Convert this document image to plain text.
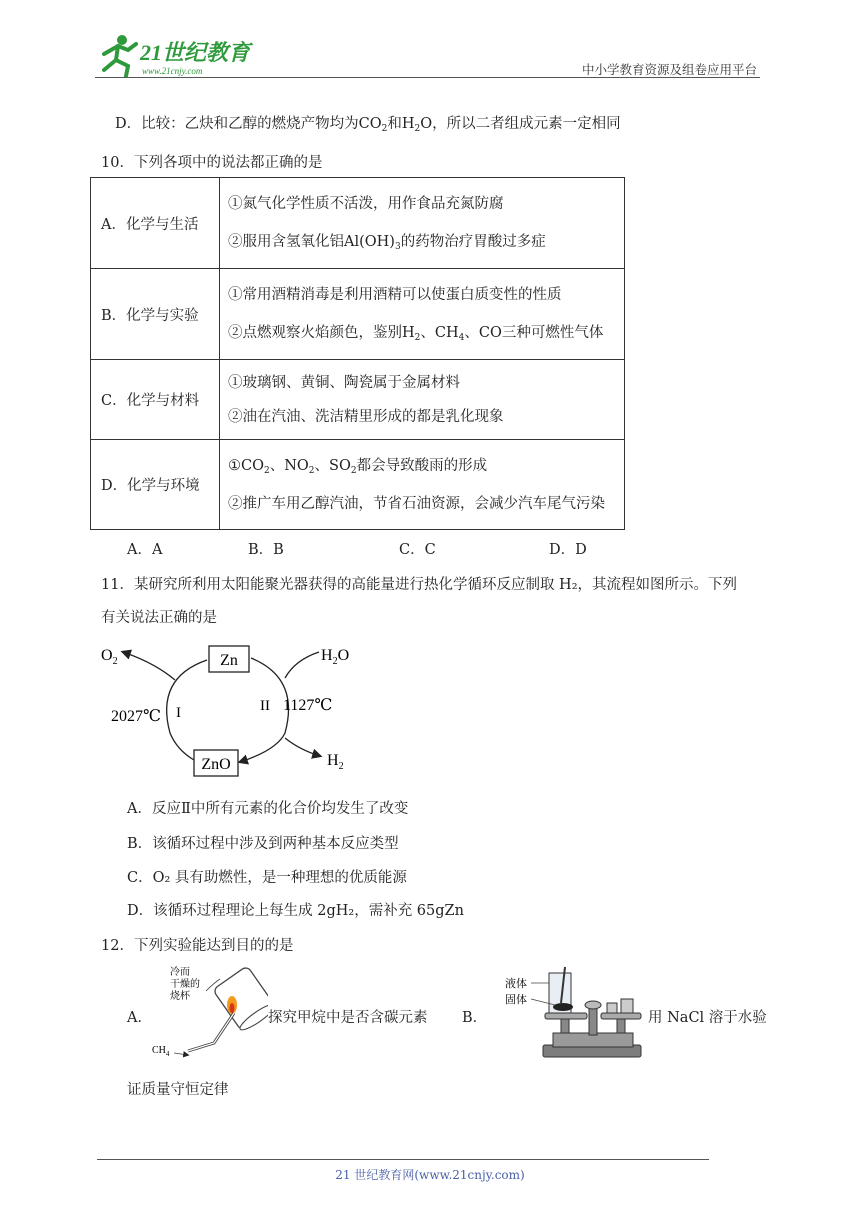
21世纪教育
www.21cnjy.com	中小学教育资源及组卷应用平台
D．比较：乙炔和乙醇的燃烧产物均为$CO_2$和$H_2O$，所以二者组成元素一定相同
10．下列各项中的说法都正确的是
A．化学与生活	①氮气化学性质不活泼，用作食品充氮防腐
②服用含氢氧化铝$Al(OH)_3$的药物治疗胃酸过多症

B．化学与实验	①常用酒精消毒是利用酒精可以使蛋白质变性的性质
②点燃观察火焰颜色，鉴别$H_2$、$CH_4$、CO三种可燃性气体

C．化学与材料	①玻璃钢、黄铜、陶瓷属于金属材料
②油在汽油、洗洁精里形成的都是乳化现象

D．化学与环境	$①CO_2$、$NO_2$、$SO_2$都会导致酸雨的形成
②推广车用乙醇汽油，节省石油资源，会减少汽车尾气污染
A．A	B．B	C．C	D．D
11．某研究所利用太阳能聚光器获得的高能量进行热化学循环反应制取 H₂，其流程如图所示。下列
有关说法正确的是
Zn
ZnO
$O_2$	$H_2O$
$H_2$
2027℃ I	II 1127℃
A．反应Ⅱ中所有元素的化合价均发生了改变
B．该循环过程中涉及到两种基本反应类型
C．O₂ 具有助燃性，是一种理想的优质能源
D．该循环过程理论上每生成 2gH₂，需补充 65gZn
12．下列实验能达到目的的是
A．
冷而
干燥的
烧杯
$CH_4$
探究甲烷中是否含碳元素 B．
液体
固体
用 NaCl 溶于水验
证质量守恒定律
21 世纪教育网(www.21cnjy.com)
